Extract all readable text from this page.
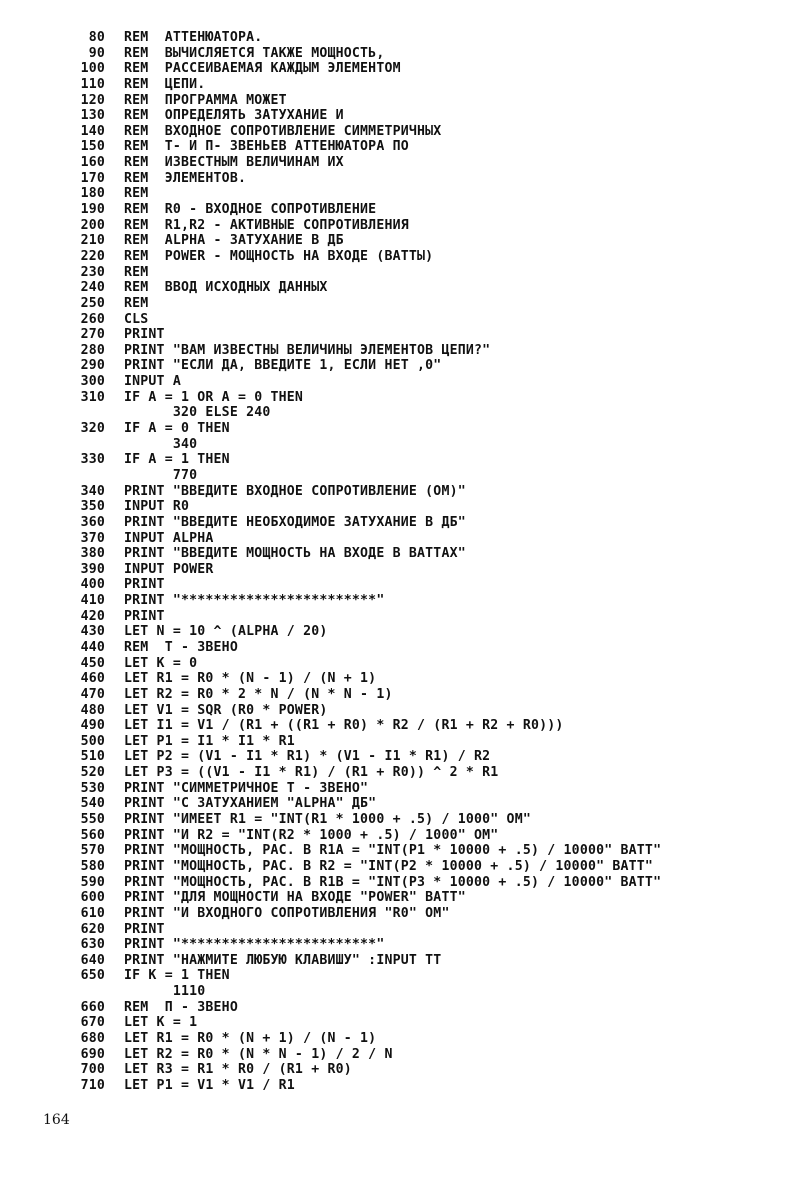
80 REM  АТТЕНЮАТОРА.
90 REM  ВЫЧИСЛЯЕТСЯ ТАКЖЕ МОЩНОСТЬ,
100 REM  РАССЕИВАЕМАЯ КАЖДЫМ ЭЛЕМЕНТОМ
110 REM  ЦЕПИ.
120 REM  ПРОГРАММА МОЖЕТ
130 REM  ОПРЕДЕЛЯТЬ ЗАТУХАНИЕ И
140 REM  ВХОДНОЕ СОПРОТИВЛЕНИЕ СИММЕТРИЧНЫХ
150 REM  Т- И П- ЗВЕНЬЕВ АТТЕНЮАТОРА ПО
160 REM  ИЗВЕСТНЫМ ВЕЛИЧИНАМ ИХ
170 REM  ЭЛЕМЕНТОВ.
180 REM
190 REM  R0 - ВХОДНОЕ СОПРОТИВЛЕНИЕ
200 REM  R1,R2 - АКТИВНЫЕ СОПРОТИВЛЕНИЯ
210 REM  ALPHA - ЗАТУХАНИЕ В ДБ
220 REM  POWER - МОЩНОСТЬ НА ВХОДЕ (ВАТТЫ)
230 REM
240 REM  ВВОД ИСХОДНЫХ ДАННЫХ
250 REM
260 CLS
270 PRINT
280 PRINT "ВАМ ИЗВЕСТНЫ ВЕЛИЧИНЫ ЭЛЕМЕНТОВ ЦЕПИ?"
290 PRINT "ЕСЛИ ДА, ВВЕДИТЕ 1, ЕСЛИ НЕТ ,0"
300 INPUT A
310 IF A = 1 OR A = 0 THEN
320 ELSE 240
320 IF A = 0 THEN
340
330 IF A = 1 THEN
770
340 PRINT "ВВЕДИТЕ ВХОДНОЕ СОПРОТИВЛЕНИЕ (ОМ)"
350 INPUT R0
360 PRINT "ВВЕДИТЕ НЕОБХОДИМОЕ ЗАТУХАНИЕ В ДБ"
370 INPUT ALPHA
380 PRINT "ВВЕДИТЕ МОЩНОСТЬ НА ВХОДЕ В ВАТТАХ"
390 INPUT POWER
400 PRINT
410 PRINT "************************"
420 PRINT
430 LET N = 10 ^ (ALPHA / 20)
440 REM  Т - ЗВЕНО
450 LET K = 0
460 LET R1 = R0 * (N - 1) / (N + 1)
470 LET R2 = R0 * 2 * N / (N * N - 1)
480 LET V1 = SQR (R0 * POWER)
490 LET I1 = V1 / (R1 + ((R1 + R0) * R2 / (R1 + R2 + R0)))
500 LET P1 = I1 * I1 * R1
510 LET P2 = (V1 - I1 * R1) * (V1 - I1 * R1) / R2
520 LET P3 = ((V1 - I1 * R1) / (R1 + R0)) ^ 2 * R1
530 PRINT "СИММЕТРИЧНОЕ Т - ЗВЕНО"
540 PRINT "С ЗАТУХАНИЕМ "ALPHA" ДБ"
550 PRINT "ИМЕЕТ R1 = "INT(R1 * 1000 + .5) / 1000" ОМ"
560 PRINT "И R2 = "INT(R2 * 1000 + .5) / 1000" ОМ"
570 PRINT "МОЩНОСТЬ, РАС. В R1А = "INT(P1 * 10000 + .5) / 10000" ВАТТ"
580 PRINT "МОЩНОСТЬ, РАС. В R2 = "INT(P2 * 10000 + .5) / 10000" ВАТТ"
590 PRINT "МОЩНОСТЬ, РАС. В R1В = "INT(P3 * 10000 + .5) / 10000" ВАТТ"
600 PRINT "ДЛЯ МОЩНОСТИ НА ВХОДЕ "POWER" ВАТТ"
610 PRINT "И ВХОДНОГО СОПРОТИВЛЕНИЯ "R0" ОМ"
620 PRINT
630 PRINT "************************"
640 PRINT "НАЖМИТЕ ЛЮБУЮ КЛАВИШУ" :INPUT TT
650 IF K = 1 THEN
1110
660 REM  П - ЗВЕНО
670 LET K = 1
680 LET R1 = R0 * (N + 1) / (N - 1)
690 LET R2 = R0 * (N * N - 1) / 2 / N
700 LET R3 = R1 * R0 / (R1 + R0)
710 LET P1 = V1 * V1 / R1
164
